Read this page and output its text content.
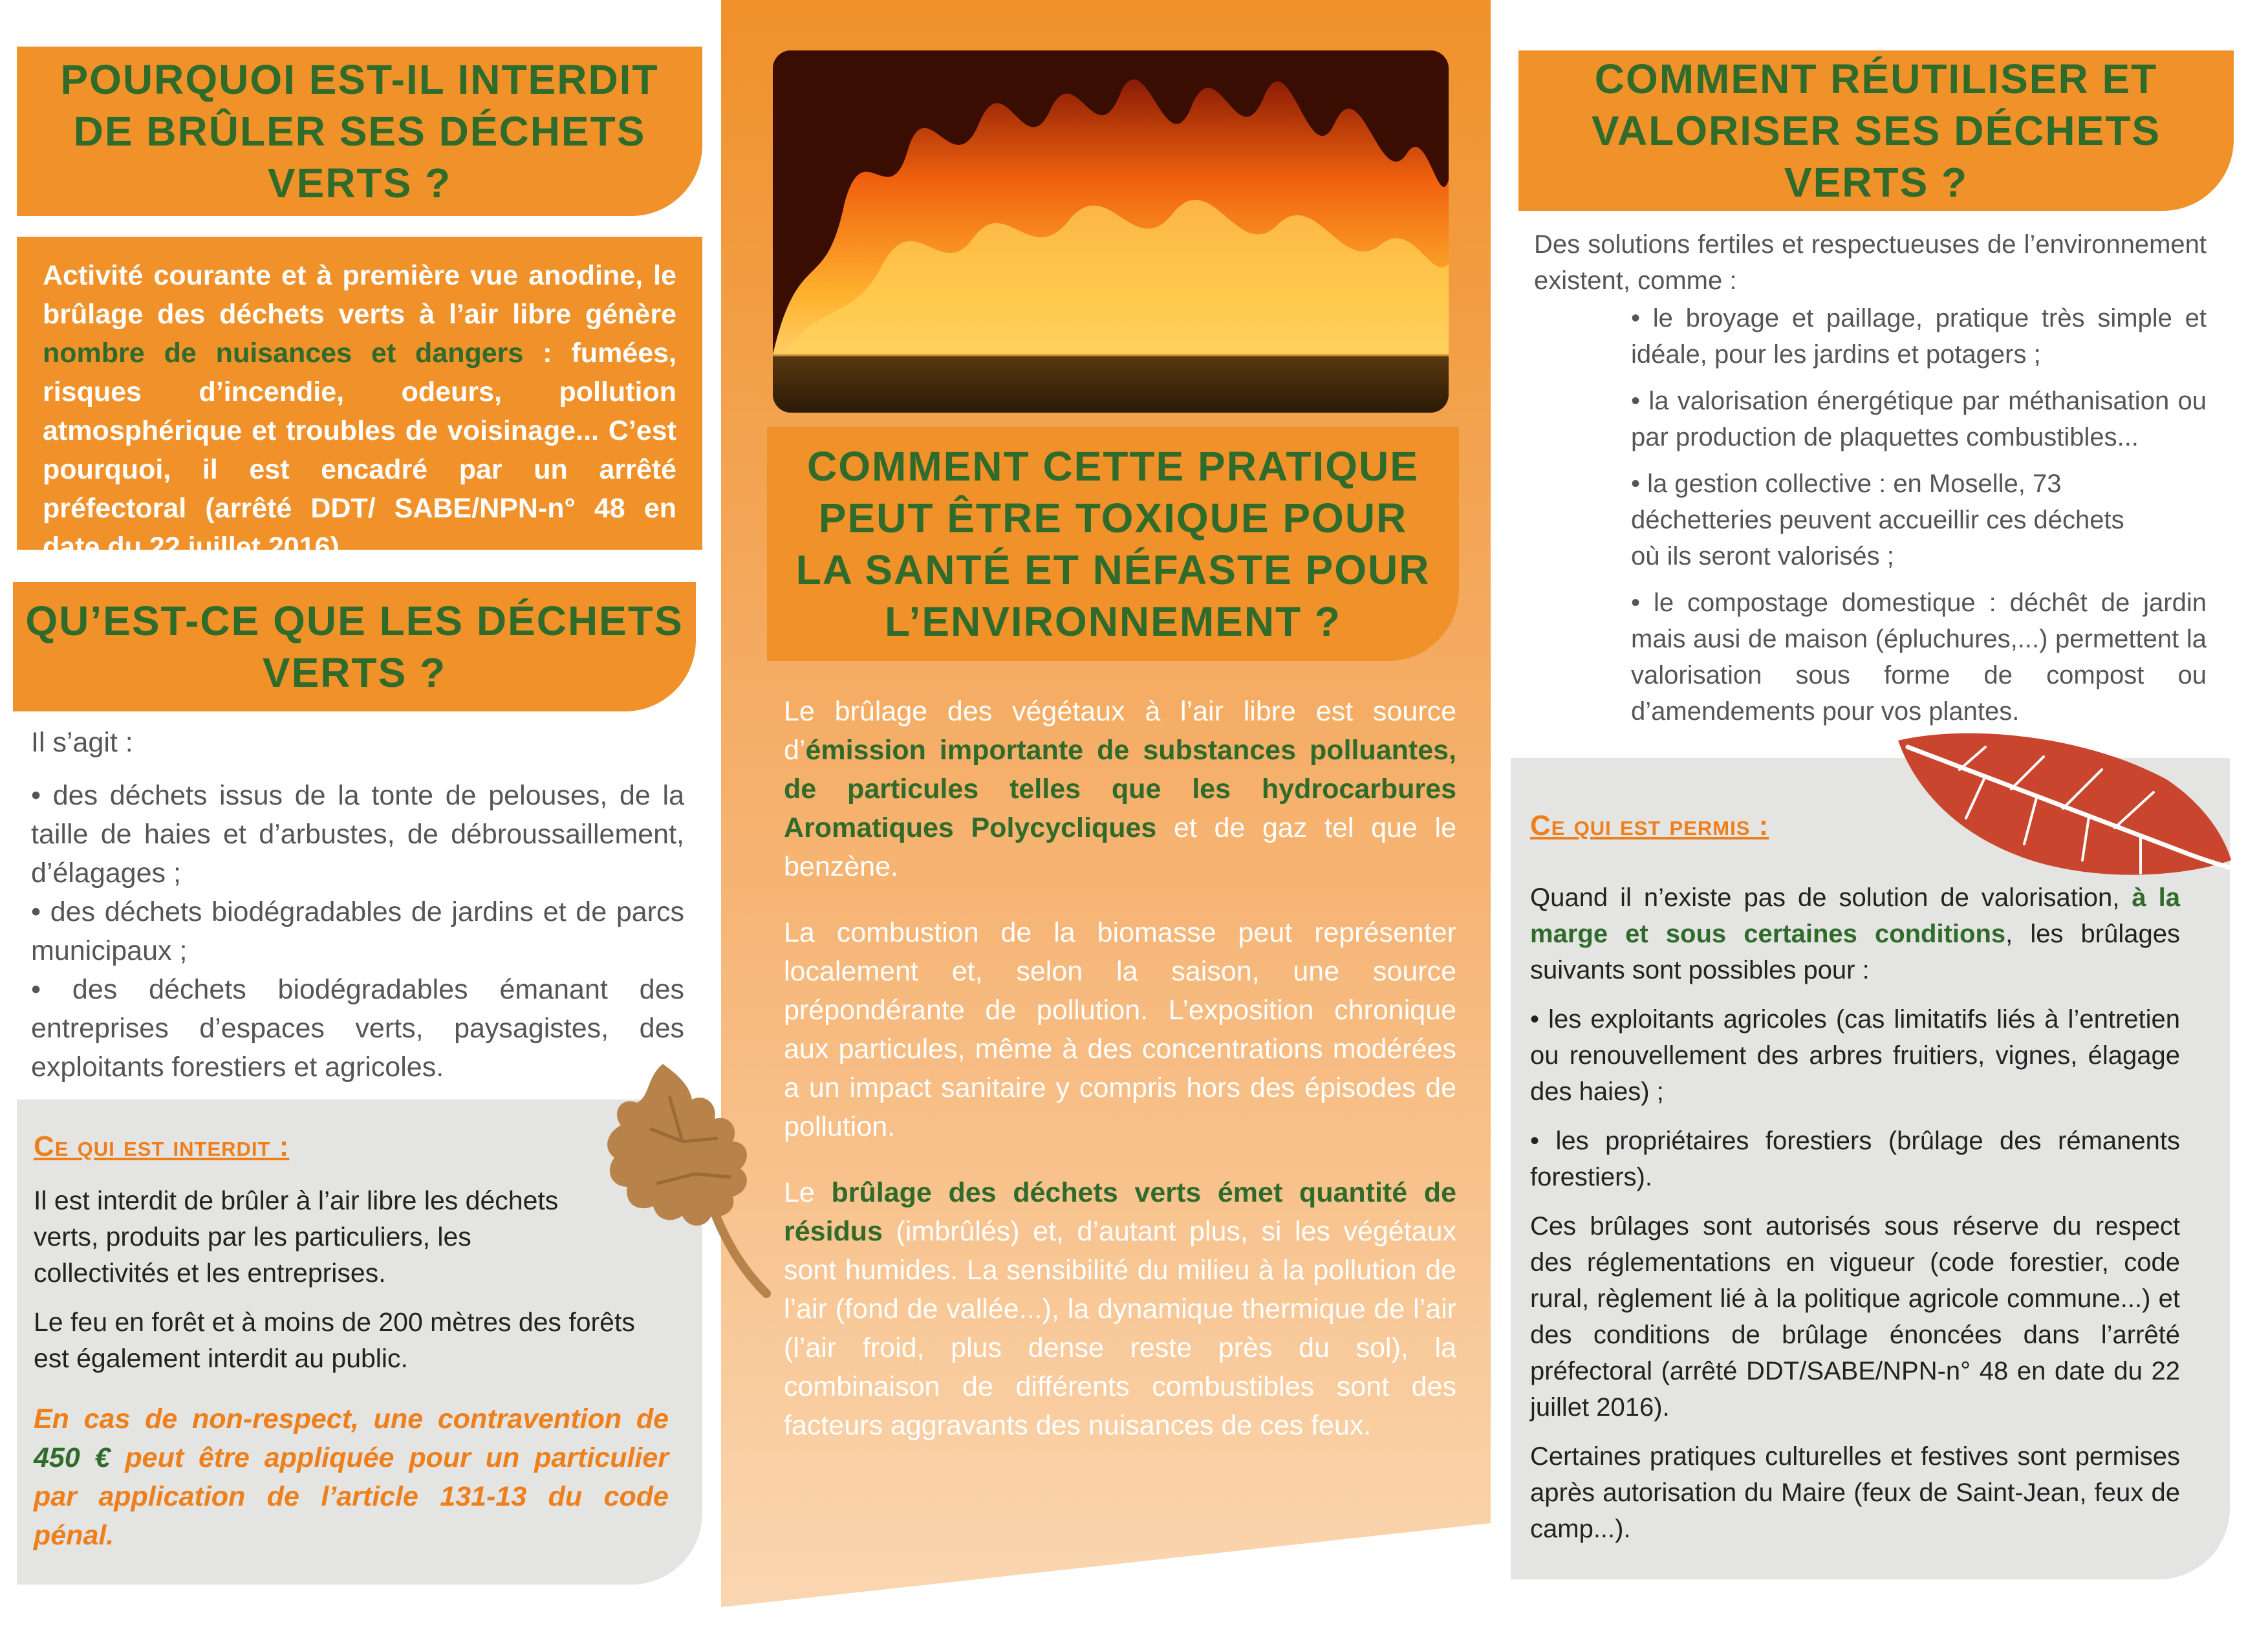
POURQUOI EST-IL INTERDIT
DE BRÛLER SES DÉCHETS
VERTS ?

Activité courante et à première vue anodine, le brûlage des déchets verts à l’air libre génère nombre de nuisances et dangers : fumées, risques d’incendie, odeurs, pollution atmosphérique et troubles de voisinage... C’est pourquoi, il est encadré par un arrêté préfectoral (arrêté DDT/ SABE/NPN-n° 48 en date du 22 juillet 2016).

QU’EST-CE QUE LES DÉCHETS
VERTS ?

Il s’agit :

• des déchets issus de la tonte de pelouses, de la taille de haies et d’arbustes, de débroussaillement, d’élagages ;

• des déchets biodégradables de jardins et de parcs municipaux ;

• des déchets biodégradables émanant des entreprises d’espaces verts, paysagistes, des exploitants forestiers et agricoles.

Ce qui est interdit :

Il est interdit de brûler à l’air libre les déchets verts, produits par les particuliers, les collectivités et les entreprises.

Le feu en forêt et à moins de 200 mètres des forêts est également interdit au public.

En cas de non-respect, une contravention de 450 € peut être appliquée pour un particulier par application de l’article 131-13 du code pénal.

COMMENT CETTE PRATIQUE
PEUT ÊTRE TOXIQUE POUR
LA SANTÉ ET NÉFASTE POUR
L’ENVIRONNEMENT ?

Le brûlage des végétaux à l’air libre est source d’émission importante de substances polluantes, de particules telles que les hydrocarbures Aromatiques Polycycliques et de gaz tel que le benzène.

La combustion de la biomasse peut représenter localement et, selon la saison, une source prépondérante de pollution. L’exposition chronique aux particules, même à des concentrations modérées a un impact sanitaire y compris hors des épisodes de pollution.

Le brûlage des déchets verts émet quantité de résidus (imbrûlés) et, d’autant plus, si les végétaux sont humides. La sensibilité du milieu à la pollution de l’air (fond de vallée...), la dynamique thermique de l’air (l’air froid, plus dense reste près du sol), la combinaison de différents combustibles sont des facteurs aggravants des nuisances de ces feux.

COMMENT RÉUTILISER ET
VALORISER SES DÉCHETS
VERTS ?

Des solutions fertiles et respectueuses de l’environnement existent, comme :

• le broyage et paillage, pratique très simple et idéale, pour les jardins et potagers ;

• la valorisation énergétique par méthanisation ou par production de plaquettes combustibles...

• la gestion collective : en Moselle, 73 déchetteries peuvent accueillir ces déchets où ils seront valorisés ;

• le compostage domestique : déchêt de jardin mais ausi de maison (épluchures,...) permettent la valorisation sous forme de compost ou d’amendements pour vos plantes.

Ce qui est permis :

Quand il n’existe pas de solution de valorisation, à la marge et sous certaines conditions, les brûlages suivants sont possibles pour :

• les exploitants agricoles (cas limitatifs liés à l’entretien ou renouvellement des arbres fruitiers, vignes, élagage des haies) ;

• les propriétaires forestiers (brûlage des rémanents forestiers).

Ces brûlages sont autorisés sous réserve du respect des réglementations en vigueur (code forestier, code rural, règlement lié à la politique agricole commune...) et des conditions de brûlage énoncées dans l’arrêté préfectoral (arrêté DDT/SABE/NPN-n° 48 en date du 22 juillet 2016).

Certaines pratiques culturelles et festives sont permises après autorisation du Maire (feux de Saint-Jean, feux de camp...).
